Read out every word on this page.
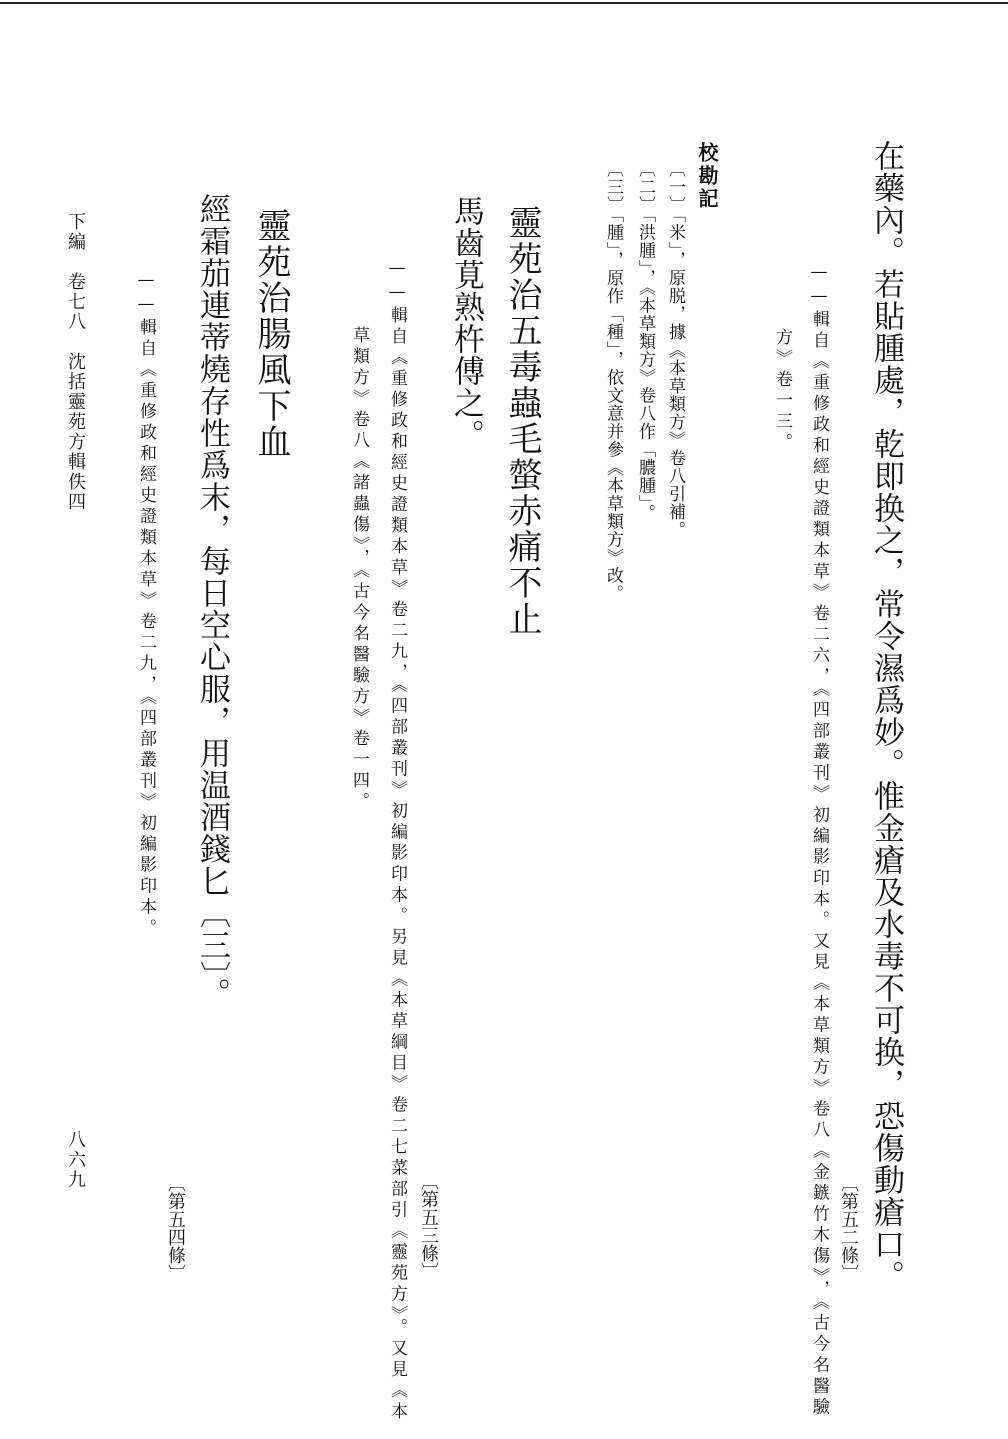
在藥內。若貼腫處，乾即换之，常令濕爲妙。惟金瘡及水毒不可换，恐傷動瘡口。
——輯自《重修政和經史證類本草》卷二六，《四部叢刊》初編影印本。又見《本草類方》卷八《金鏃竹木傷》，《古今名醫驗
方》卷一三。
〔第五二條〕
校勘記
〔一〕「米」，原脱，據《本草類方》卷八引補。
〔二〕「洪腫」，《本草類方》卷八作「膿腫」。
〔三〕「腫」，原作「種」，依文意并參《本草類方》改。
靈苑治五毒蟲毛螫赤痛不止
馬齒莧熟杵傅之。
——輯自《重修政和經史證類本草》卷二九，《四部叢刊》初編影印本。另見《本草綱目》卷二七菜部引《靈苑方》。又見《本
草類方》卷八《諸蟲傷》，《古今名醫驗方》卷一四。
〔第五三條〕
靈苑治腸風下血
經霜茄連蒂燒存性爲末，每日空心服，用温酒錢匕〔三〕。
——輯自《重修政和經史證類本草》卷二九，《四部叢刊》初編影印本。
〔第五四條〕
下編　卷七八　沈括靈苑方輯佚四
八六九
